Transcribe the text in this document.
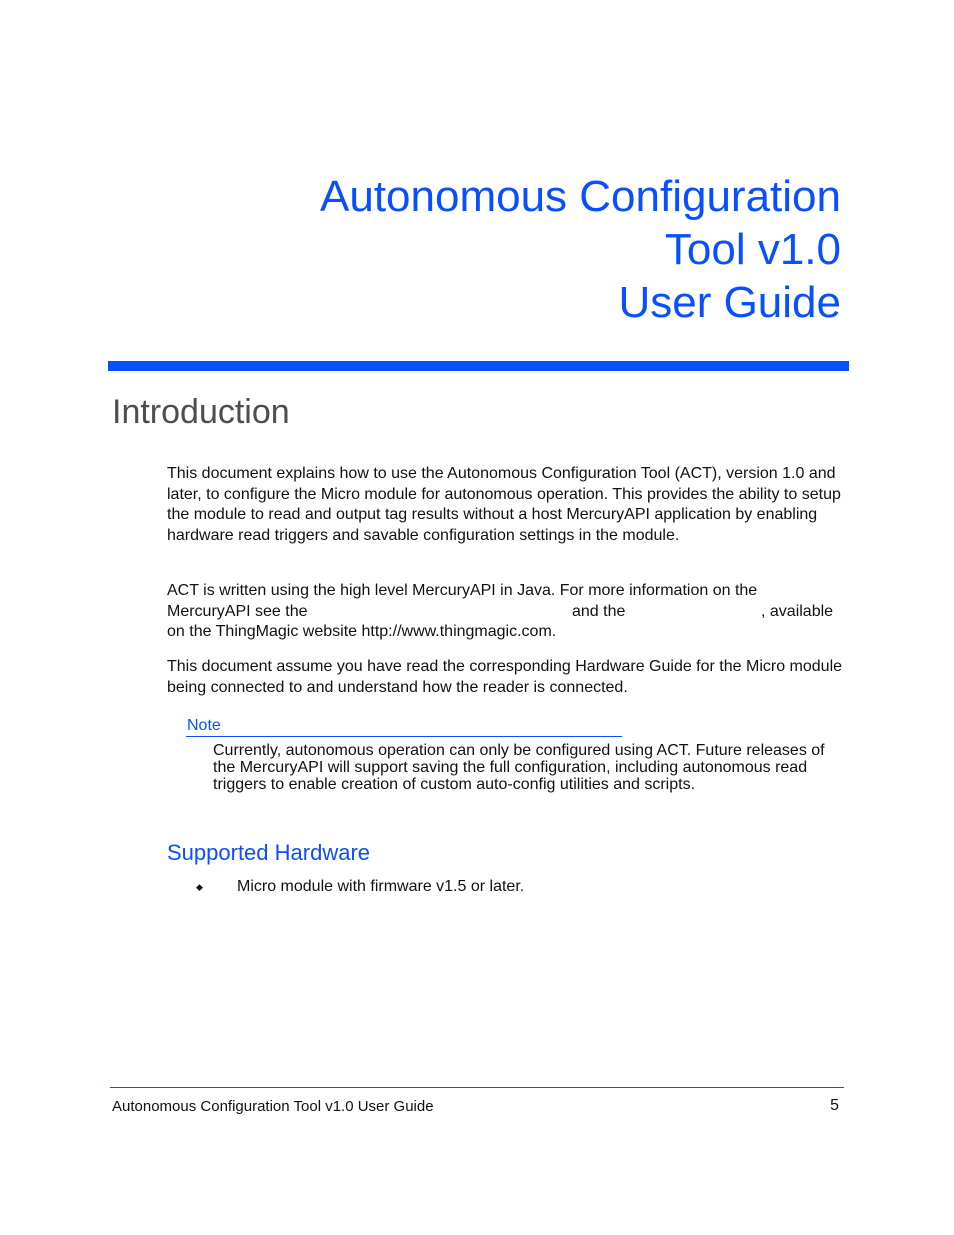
Autonomous Configuration
Tool v1.0
User Guide
Introduction

This document explains how to use the Autonomous Configuration Tool (ACT), version 1.0 and later, to configure the Micro module for autonomous operation. This provides the ability to setup the module to read and output tag results without a host MercuryAPI application by enabling hardware read triggers and savable configuration settings in the module.

ACT is written using the high level MercuryAPI in Java. For more information on the
MercuryAPI see the	and the	, available
on the ThingMagic website http://www.thingmagic.com.

This document assume you have read the corresponding Hardware Guide for the Micro module being connected to and understand how the reader is connected.

Note

Currently, autonomous operation can only be configured using ACT. Future releases of the MercuryAPI will support saving the full configuration, including autonomous read triggers to enable creation of custom auto-config utilities and scripts.

Supported Hardware
◆ Micro module with firmware v1.5 or later.
Autonomous Configuration Tool v1.0 User Guide	5
